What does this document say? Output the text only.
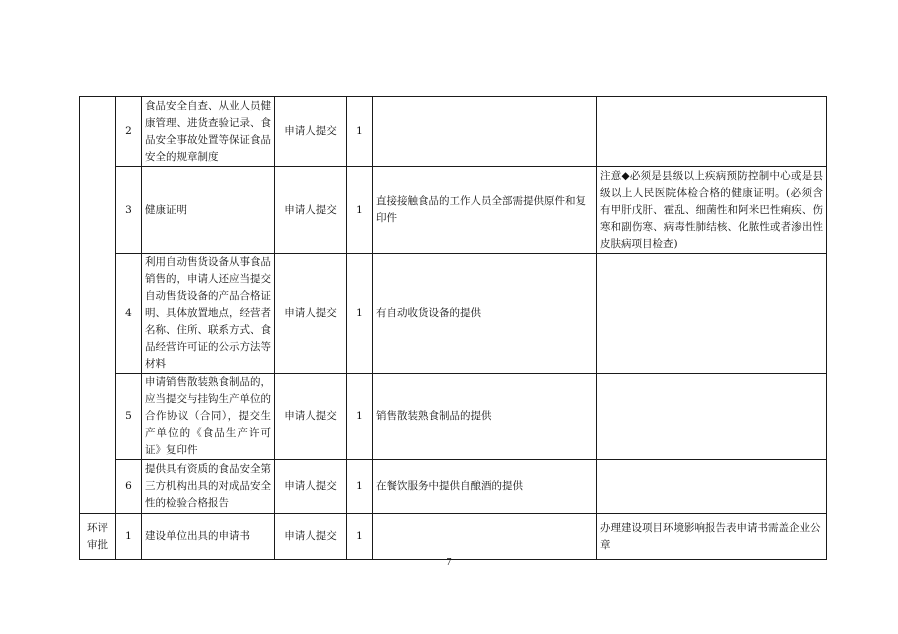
	2	食品安全自查、从业人员健康管理、进货查验记录、食品安全事故处置等保证食品安全的规章制度	申请人提交	1		
	3	健康证明	申请人提交	1	直接接触食品的工作人员全部需提供原件和复印件	注意◆必须是县级以上疾病预防控制中心或是县级以上人民医院体检合格的健康证明。(必须含有甲肝戊肝、霍乱、细菌性和阿米巴性痢疾、伤寒和副伤寒、病毒性肺结核、化脓性或者渗出性皮肤病项目检查)
	4	利用自动售货设备从事食品销售的，申请人还应当提交自动售货设备的产品合格证明、具体放置地点，经营者名称、住所、联系方式、食品经营许可证的公示方法等材料	申请人提交	1	有自动收货设备的提供	
	5	申请销售散装熟食制品的，应当提交与挂钩生产单位的合作协议（合同），提交生产单位的《食品生产许可证》复印件	申请人提交	1	销售散装熟食制品的提供	
	6	提供具有资质的食品安全第三方机构出具的对成品安全性的检验合格报告	申请人提交	1	在餐饮服务中提供自酿酒的提供	
环评审批	1	建设单位出具的申请书	申请人提交	1		办理建设项目环境影响报告表申请书需盖企业公章
7
